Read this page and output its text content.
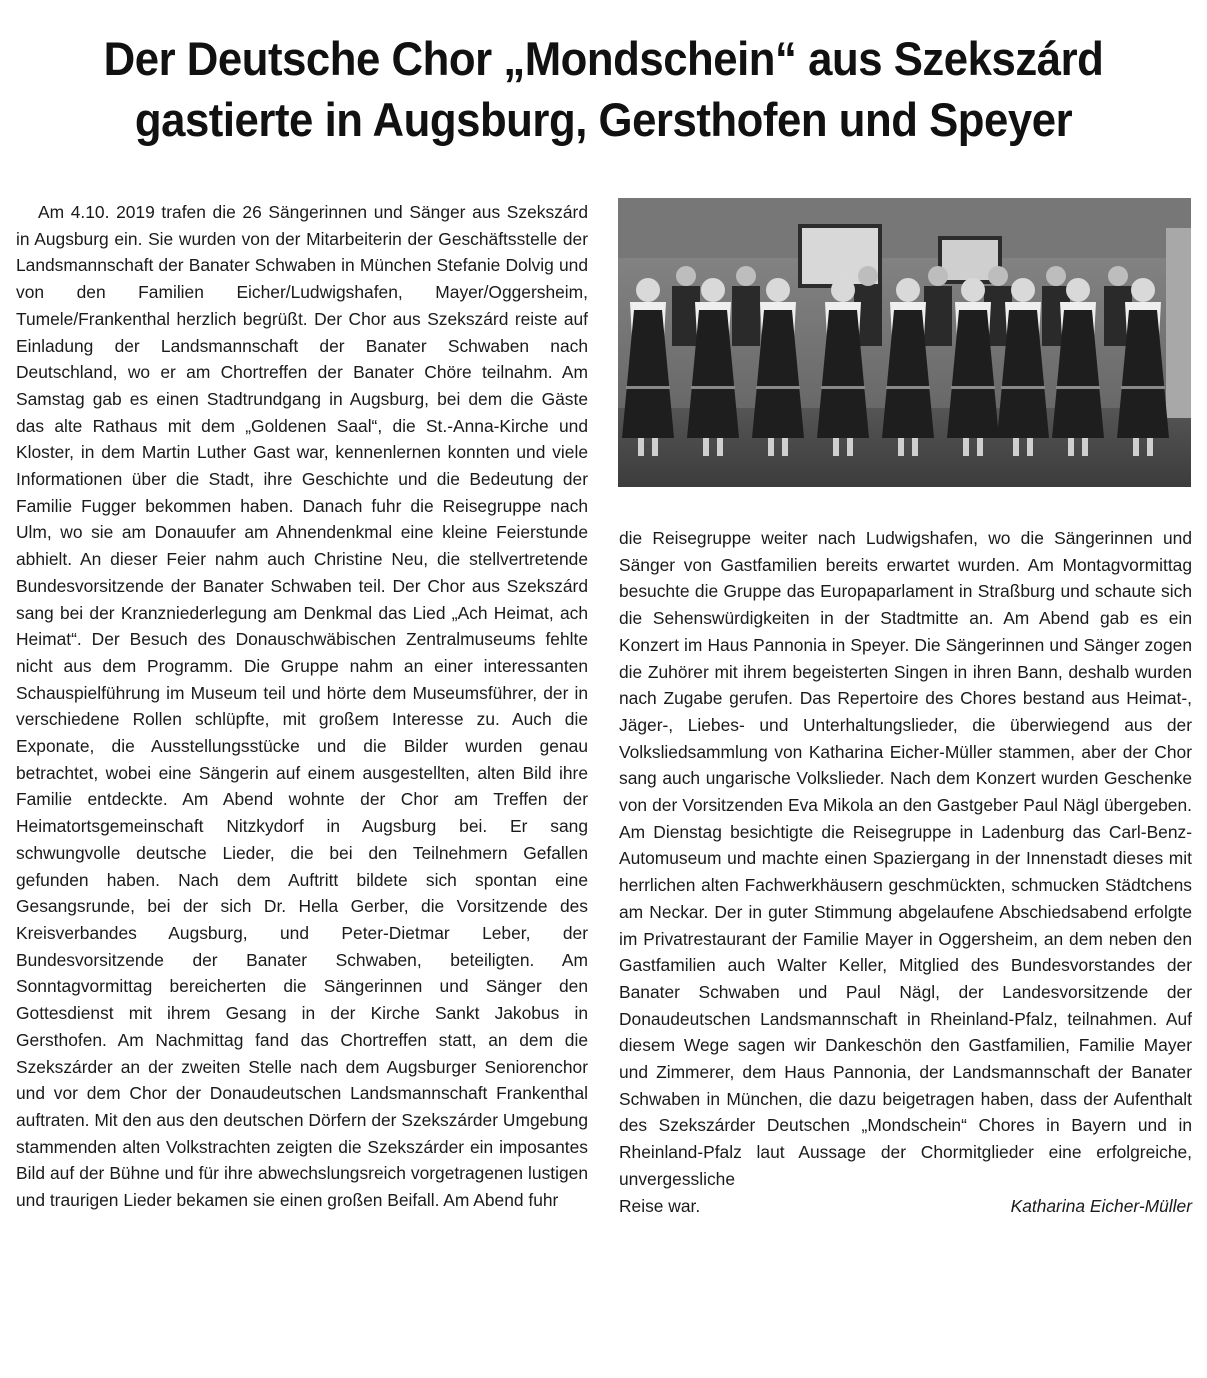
Der Deutsche Chor „Mondschein“ aus Szekszárd
gastierte in Augsburg, Gersthofen und Speyer

Am 4.10. 2019 trafen die 26 Sängerinnen und Sänger aus Szekszárd in Augsburg ein. Sie wurden von der Mitarbeiterin der Geschäftsstelle der Landsmannschaft der Banater Schwaben in München Stefanie Dolvig und von den Familien Eicher/Ludwigshafen, Mayer/Oggersheim, Tumele/Frankenthal herzlich begrüßt. Der Chor aus Szekszárd reiste auf Einladung der Landsmannschaft der Banater Schwaben nach Deutschland, wo er am Chortreffen der Banater Chöre teilnahm. Am Samstag gab es einen Stadtrundgang in Augsburg, bei dem die Gäste das alte Rathaus mit dem „Goldenen Saal“, die St.-Anna-Kirche und Kloster, in dem Martin Luther Gast war, kennenlernen konnten und viele Informationen über die Stadt, ihre Geschichte und die Bedeutung der Familie Fugger bekommen haben. Danach fuhr die Reisegruppe nach Ulm, wo sie am Donauufer am Ahnendenkmal eine kleine Feierstunde abhielt. An dieser Feier nahm auch Christine Neu, die stellvertretende Bundesvorsitzende der Banater Schwaben teil. Der Chor aus Szekszárd sang bei der Kranzniederlegung am Denkmal das Lied „Ach Heimat, ach Heimat“. Der Besuch des Donauschwäbischen Zentralmuseums fehlte nicht aus dem Programm. Die Gruppe nahm an einer interessanten Schauspielführung im Museum teil und hörte dem Museumsführer, der in verschiedene Rollen schlüpfte, mit großem Interesse zu. Auch die Exponate, die Ausstellungsstücke und die Bilder wurden genau betrachtet, wobei eine Sängerin auf einem ausgestellten, alten Bild ihre Familie entdeckte. Am Abend wohnte der Chor am Treffen der Heimatortsgemeinschaft Nitzkydorf in Augsburg bei. Er sang schwungvolle deutsche Lieder, die bei den Teilnehmern Gefallen gefunden haben. Nach dem Auftritt bildete sich spontan eine Gesangsrunde, bei der sich Dr. Hella Gerber, die Vorsitzende des Kreisverbandes Augsburg, und Peter-Dietmar Leber, der Bundesvorsitzende der Banater Schwaben, beteiligten. Am Sonntagvormittag bereicherten die Sängerinnen und Sänger den Gottesdienst mit ihrem Gesang in der Kirche Sankt Jakobus in Gersthofen. Am Nachmittag fand das Chortreffen statt, an dem die Szekszárder an der zweiten Stelle nach dem Augsburger Seniorenchor und vor dem Chor der Donaudeutschen Landsmannschaft Frankenthal auftraten. Mit den aus den deutschen Dörfern der Szekszárder Umgebung stammenden alten Volkstrachten zeigten die Szekszárder ein imposantes Bild auf der Bühne und für ihre abwechslungsreich vorgetragenen lustigen und traurigen Lieder bekamen sie einen großen Beifall. Am Abend fuhr

die Reisegruppe weiter nach Ludwigshafen, wo die Sängerinnen und Sänger von Gastfamilien bereits erwartet wurden. Am Montagvormittag besuchte die Gruppe das Europaparlament in Straßburg und schaute sich die Sehenswürdigkeiten in der Stadtmitte an. Am Abend gab es ein Konzert im Haus Pannonia in Speyer. Die Sängerinnen und Sänger zogen die Zuhörer mit ihrem begeisterten Singen in ihren Bann, deshalb wurden nach Zugabe gerufen. Das Repertoire des Chores bestand aus Heimat-, Jäger-, Liebes- und Unterhaltungslieder, die überwiegend aus der Volksliedsammlung von Katharina Eicher-Müller stammen, aber der Chor sang auch ungarische Volkslieder. Nach dem Konzert wurden Geschenke von der Vorsitzenden Eva Mikola an den Gastgeber Paul Nägl übergeben. Am Dienstag besichtigte die Reisegruppe in Ladenburg das Carl-Benz-Automuseum und machte einen Spaziergang in der Innenstadt dieses mit herrlichen alten Fachwerkhäusern geschmückten, schmucken Städtchens am Neckar. Der in guter Stimmung abgelaufene Abschiedsabend erfolgte im Privatrestaurant der Familie Mayer in Oggersheim, an dem neben den Gastfamilien auch Walter Keller, Mitglied des Bundesvorstandes der Banater Schwaben und Paul Nägl, der Landesvorsitzende der Donaudeutschen Landsmannschaft in Rheinland-Pfalz, teilnahmen. Auf diesem Wege sagen wir Dankeschön den Gastfamilien, Familie Mayer und Zimmerer, dem Haus Pannonia, der Landsmannschaft der Banater Schwaben in München, die dazu beigetragen haben, dass der Aufenthalt des Szekszárder Deutschen „Mondschein“ Chores in Bayern und in Rheinland-Pfalz laut Aussage der Chormitglieder eine erfolgreiche, unvergessliche

Reise war.	Katharina Eicher-Müller
